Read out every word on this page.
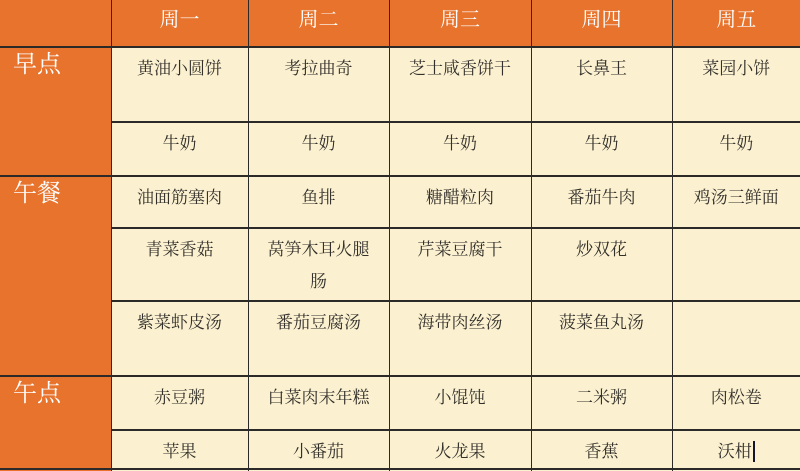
	周一	周二	周三	周四	周五
早点	黄油小圆饼	考拉曲奇	芝士咸香饼干	长鼻王	菜园小饼
	牛奶	牛奶	牛奶	牛奶	牛奶
午餐	油面筋塞肉	鱼排	糖醋粒肉	番茄牛肉	鸡汤三鲜面
	青菜香菇	莴笋木耳火腿肠	芹菜豆腐干	炒双花	
	紫菜虾皮汤	番茄豆腐汤	海带肉丝汤	菠菜鱼丸汤	
午点	赤豆粥	白菜肉末年糕	小馄饨	二米粥	肉松卷
	苹果	小番茄	火龙果	香蕉	沃柑
